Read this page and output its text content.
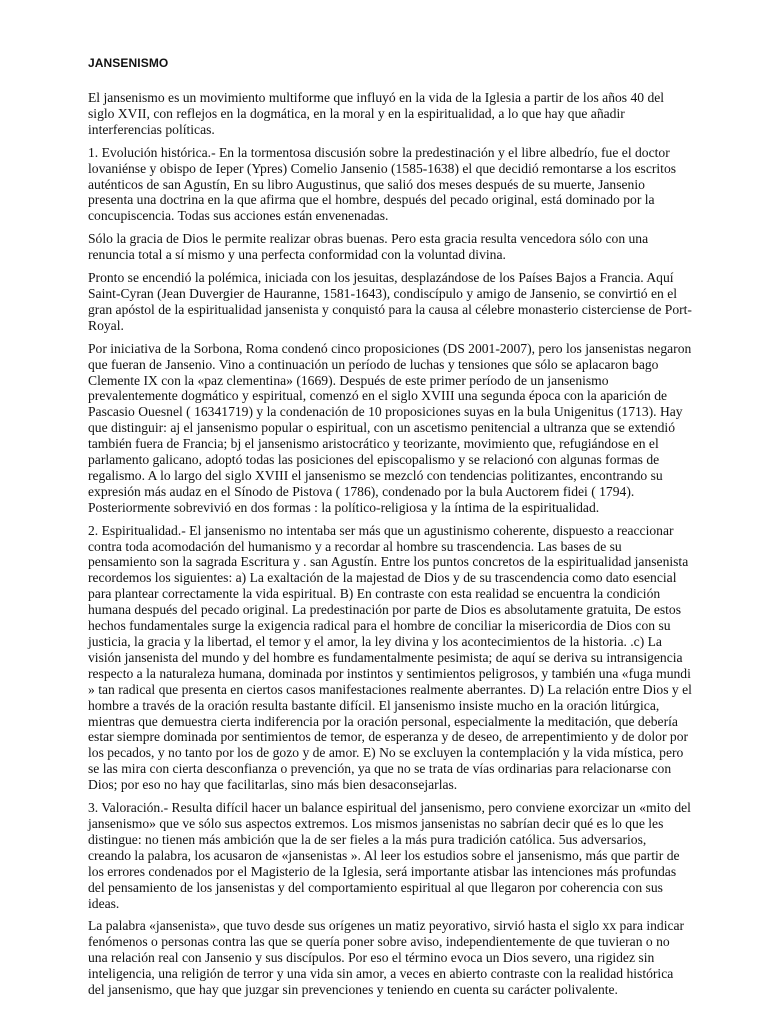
JANSENISMO

El jansenismo es un movimiento multiforme que influyó en la vida de la Iglesia a partir de los años 40 del siglo XVII, con reflejos en la dogmática, en la moral y en la espiritualidad, a lo que hay que añadir interferencias políticas.

1. Evolución histórica.- En la tormentosa discusión sobre la predestinación y el libre albedrío, fue el doctor lovaniénse y obispo de Ieper (Ypres) Comelio Jansenio (1585-1638) el que decidió remontarse a los escritos auténticos de san Agustín, En su libro Augustinus, que salió dos meses después de su muerte, Jansenio presenta una doctrina en la que afirma que el hombre, después del pecado original, está dominado por la concupiscencia. Todas sus acciones están envenenadas.

Sólo la gracia de Dios le permite realizar obras buenas. Pero esta gracia resulta vencedora sólo con una renuncia total a sí mismo y una perfecta conformidad con la voluntad divina.

Pronto se encendió la polémica, iniciada con los jesuitas, desplazándose de los Países Bajos a Francia. Aquí Saint-Cyran (Jean Duvergier de Hauranne, 1581-1643), condiscípulo y amigo de Jansenio, se convirtió en el gran apóstol de la espiritualidad jansenista y conquistó para la causa al célebre monasterio cisterciense de Port-Royal.

Por iniciativa de la Sorbona, Roma condenó cinco proposiciones (DS 2001-2007), pero los jansenistas negaron que fueran de Jansenio. Vino a continuación un período de luchas y tensiones que sólo se aplacaron bago Clemente IX con la «paz clementina» (1669). Después de este primer período de un jansenismo prevalentemente dogmático y espiritual, comenzó en el siglo XVIII una segunda época con la aparición de Pascasio Ouesnel ( 16341719) y la condenación de 10 proposiciones suyas en la bula Unigenitus (1713). Hay que distinguir: aj el jansenismo popular o espiritual, con un ascetismo penitencial a ultranza que se extendió también fuera de Francia; bj el jansenismo aristocrático y teorizante, movimiento que, refugiándose en el parlamento galicano, adoptó todas las posiciones del episcopalismo y se relacionó con algunas formas de regalismo. A lo largo del siglo XVIII el jansenismo se mezcló con tendencias politizantes, encontrando su expresión más audaz en el Sínodo de Pistova ( 1786), condenado por la bula Auctorem fidei ( 1794). Posteriormente sobrevivió en dos formas : la político-religiosa y la íntima de la espiritualidad.

2. Espiritualidad.- El jansenismo no intentaba ser más que un agustinismo coherente, dispuesto a reaccionar contra toda acomodación del humanismo y a recordar al hombre su trascendencia. Las bases de su pensamiento son la sagrada Escritura y . san Agustín. Entre los puntos concretos de la espiritualidad jansenista recordemos los siguientes: a) La exaltación de la majestad de Dios y de su trascendencia como dato esencial para plantear correctamente la vida espiritual. B) En contraste con esta realidad se encuentra la condición humana después del pecado original. La predestinación por parte de Dios es absolutamente gratuita, De estos hechos fundamentales surge la exigencia radical para el hombre de conciliar la misericordia de Dios con su justicia, la gracia y la libertad, el temor y el amor, la ley divina y los acontecimientos de la historia. .c) La visión jansenista del mundo y del hombre es fundamentalmente pesimista; de aquí se deriva su intransigencia respecto a la naturaleza humana, dominada por instintos y sentimientos peligrosos, y también una «fuga mundi » tan radical que presenta en ciertos casos manifestaciones realmente aberrantes. D) La relación entre Dios y el hombre a través de la oración resulta bastante difícil. El jansenismo insiste mucho en la oración litúrgica, mientras que demuestra cierta indiferencia por la oración personal, especialmente la meditación, que debería estar siempre dominada por sentimientos de temor, de esperanza y de deseo, de arrepentimiento y de dolor por los pecados, y no tanto por los de gozo y de amor. E) No se excluyen la contemplación y la vida mística, pero se las mira con cierta desconfianza o prevención, ya que no se trata de vías ordinarias para relacionarse con Dios; por eso no hay que facilitarlas, sino más bien desaconsejarlas.

3. Valoración.- Resulta difícil hacer un balance espiritual del jansenismo, pero conviene exorcizar un «mito del jansenismo» que ve sólo sus aspectos extremos. Los mismos jansenistas no sabrían decir qué es lo que les distingue: no tienen más ambición que la de ser fieles a la más pura tradición católica. 5us adversarios, creando la palabra, los acusaron de «jansenistas ». Al leer los estudios sobre el jansenismo, más que partir de los errores condenados por el Magisterio de la Iglesia, será importante atisbar las intenciones más profundas del pensamiento de los jansenistas y del comportamiento espiritual al que llegaron por coherencia con sus ideas.

La palabra «jansenista», que tuvo desde sus orígenes un matiz peyorativo, sirvió hasta el siglo xx para indicar fenómenos o personas contra las que se quería poner sobre aviso, independientemente de que tuvieran o no una relación real con Jansenio y sus discípulos. Por eso el término evoca un Dios severo, una rigidez sin inteligencia, una religión de terror y una vida sin amor, a veces en abierto contraste con la realidad histórica del jansenismo, que hay que juzgar sin prevenciones y teniendo en cuenta su carácter polivalente.
